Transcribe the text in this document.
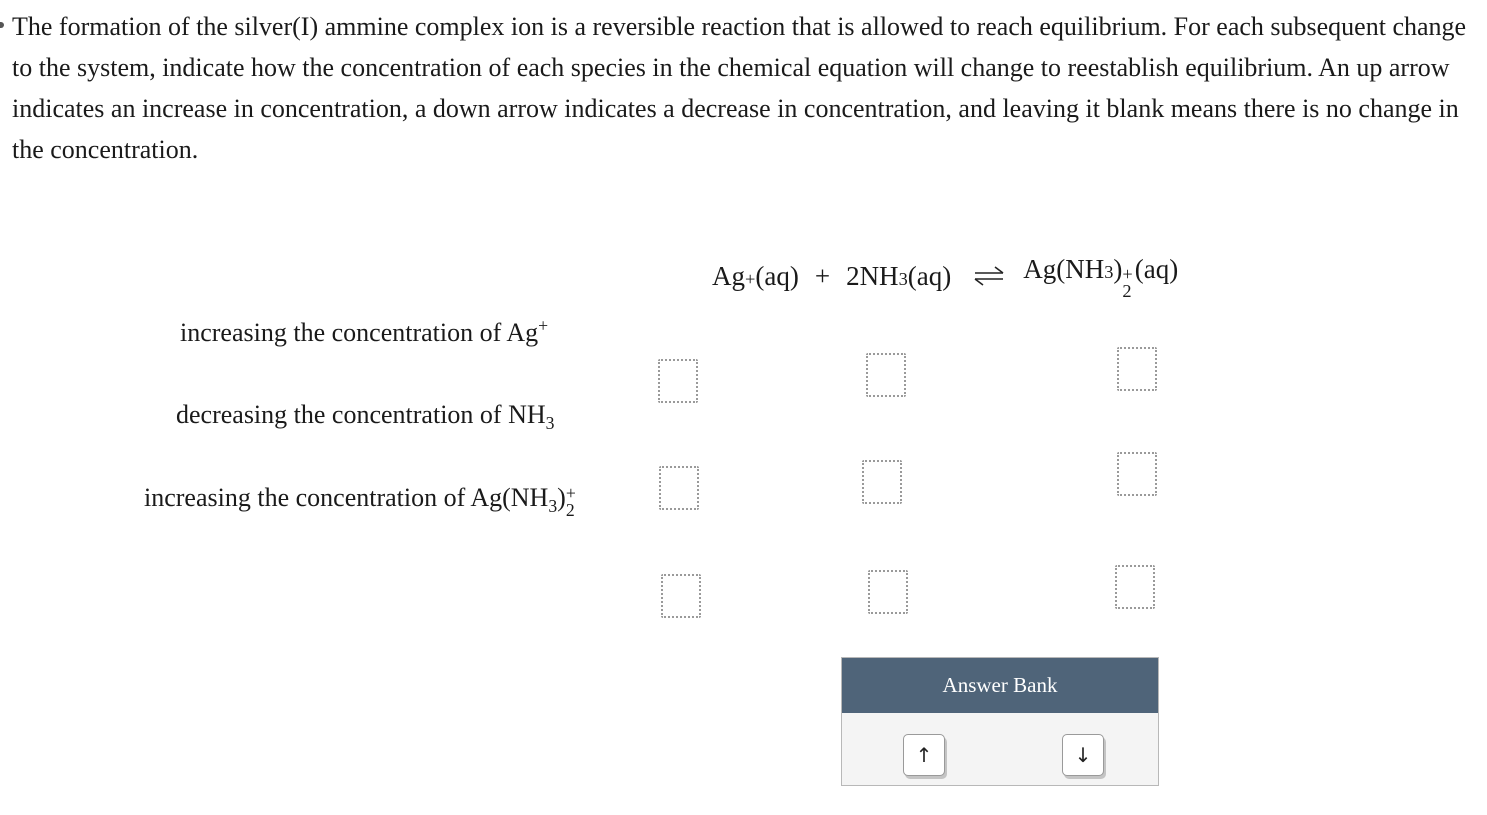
The formation of the silver(I) ammine complex ion is a reversible reaction that is allowed to reach equilibrium. For each subsequent change to the system, indicate how the concentration of each species in the chemical equation will change to reestablish equilibrium. An up arrow indicates an increase in concentration, a down arrow indicates a decrease in concentration, and leaving it blank means there is no change in the concentration.

Ag + (aq) + 2NH 3 (aq) ⇌ Ag(NH 3 ) +
2
(aq)
increasing the concentration of Ag+
decreasing the concentration of $NH_3$
increasing the concentration of $Ag(NH_3)$ +
2
Answer Bank
↑	↓
